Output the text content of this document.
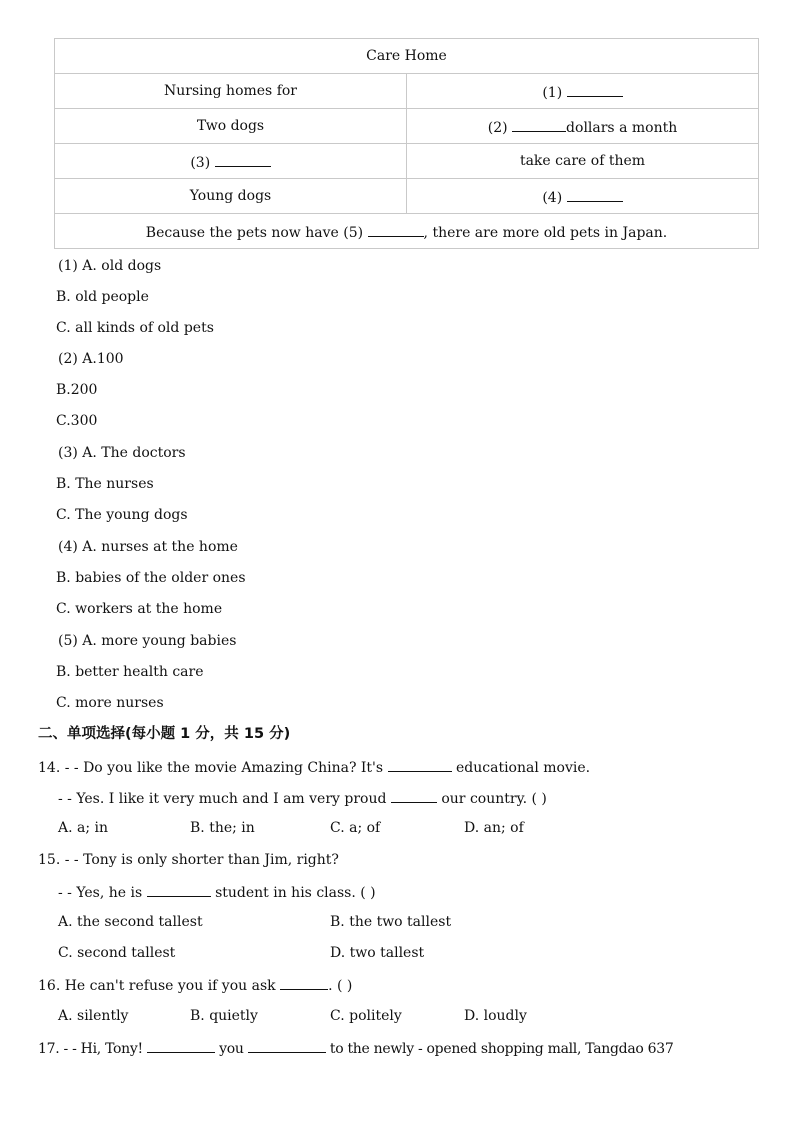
Care Home	
Nursing homes for	(1)
Two dogs	(2) dollars a month
(3)	take care of them
Young dogs	(4)
Because the pets now have (5) , there are more old pets in Japan.	
(1) A. old dogs
B. old people
C. all kinds of old pets
(2) A.100
B.200
C.300
(3) A. The doctors
B. The nurses
C. The young dogs
(4) A. nurses at the home
B. babies of the older ones
C. workers at the home
(5) A. more young babies
B. better health care
C. more nurses
二、单项选择(每小题 1 分，共 15 分)
14. - - Do you like the movie Amazing China? It's	educational movie.
- - Yes. I like it very much and I am very proud	our country. ( )
A. a; in	B. the; in	C. a; of	D. an; of
15. - - Tony is only shorter than Jim, right?
- - Yes, he is	student in his class. ( )
A. the second tallest	B. the two tallest
C. second tallest	D. two tallest
16. He can't refuse you if you ask	. ( )
A. silently	B. quietly	C. politely	D. loudly
17. - - Hi, Tony!	you	to the newly - opened shopping mall, Tangdao 637
